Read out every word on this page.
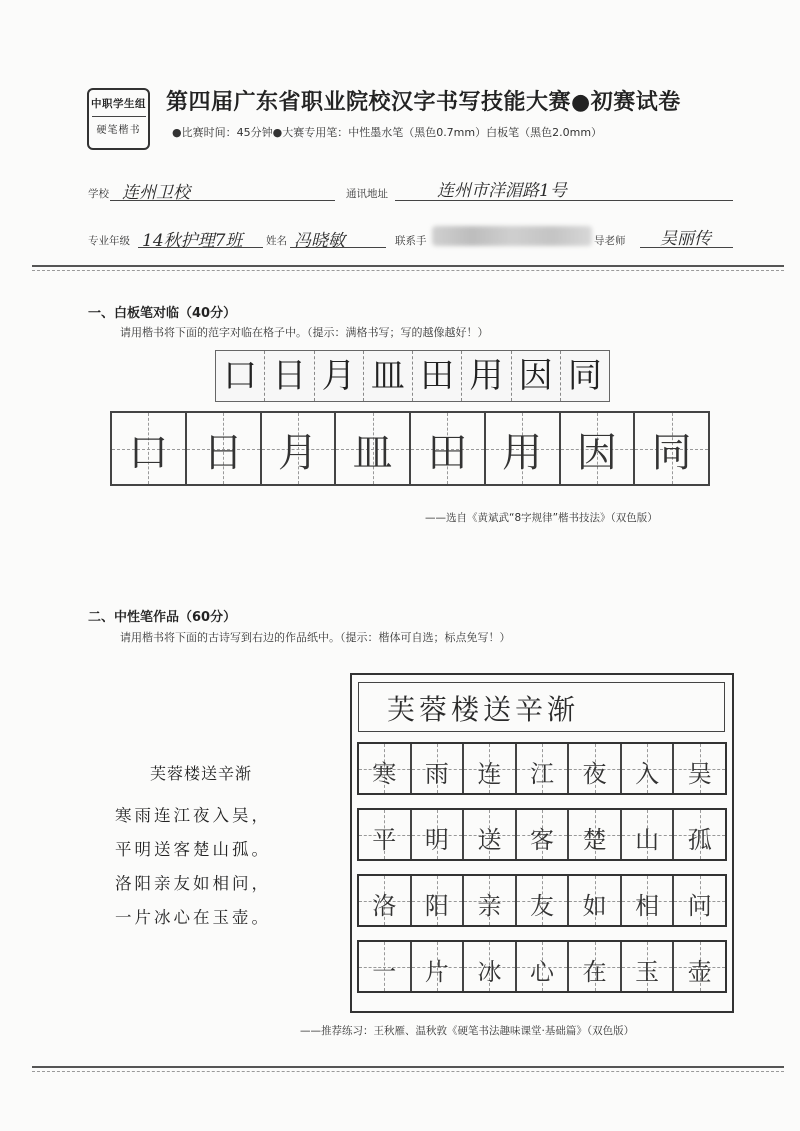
中职学生组
硬笔楷书
第四届广东省职业院校汉字书写技能大赛●初赛试卷
●比赛时间：45分钟●大赛专用笔：中性墨水笔（黑色0.7mm）白板笔（黑色2.0mm）
学校 连州卫校	通讯地址	连州市洋湄路1号
专业年级 14秋护理7班 姓名 冯晓敏	联系手	导老师 吴丽传
一、白板笔对临（40分）
请用楷书将下面的范字对临在格子中。（提示：满格书写；写的越像越好！）
口 日 月 皿 田 用 因 同
口 日 月 皿 田 用 因 同
——选自《黄斌武“8字规律”楷书技法》（双色版）
二、中性笔作品（60分）
请用楷书将下面的古诗写到右边的作品纸中。（提示：楷体可自选；标点免写！）
芙蓉楼送辛渐
寒雨连江夜入吴，
平明送客楚山孤。
洛阳亲友如相问，
一片冰心在玉壶。
芙蓉楼送辛渐
寒	雨	连	江	夜	入	吴
平	明	送	客	楚	山	孤
洛	阳	亲	友	如	相	问
一	片	冰	心	在	玉	壶
——推荐练习：王秋雁、温秋敦《硬笔书法趣味课堂·基础篇》（双色版）
